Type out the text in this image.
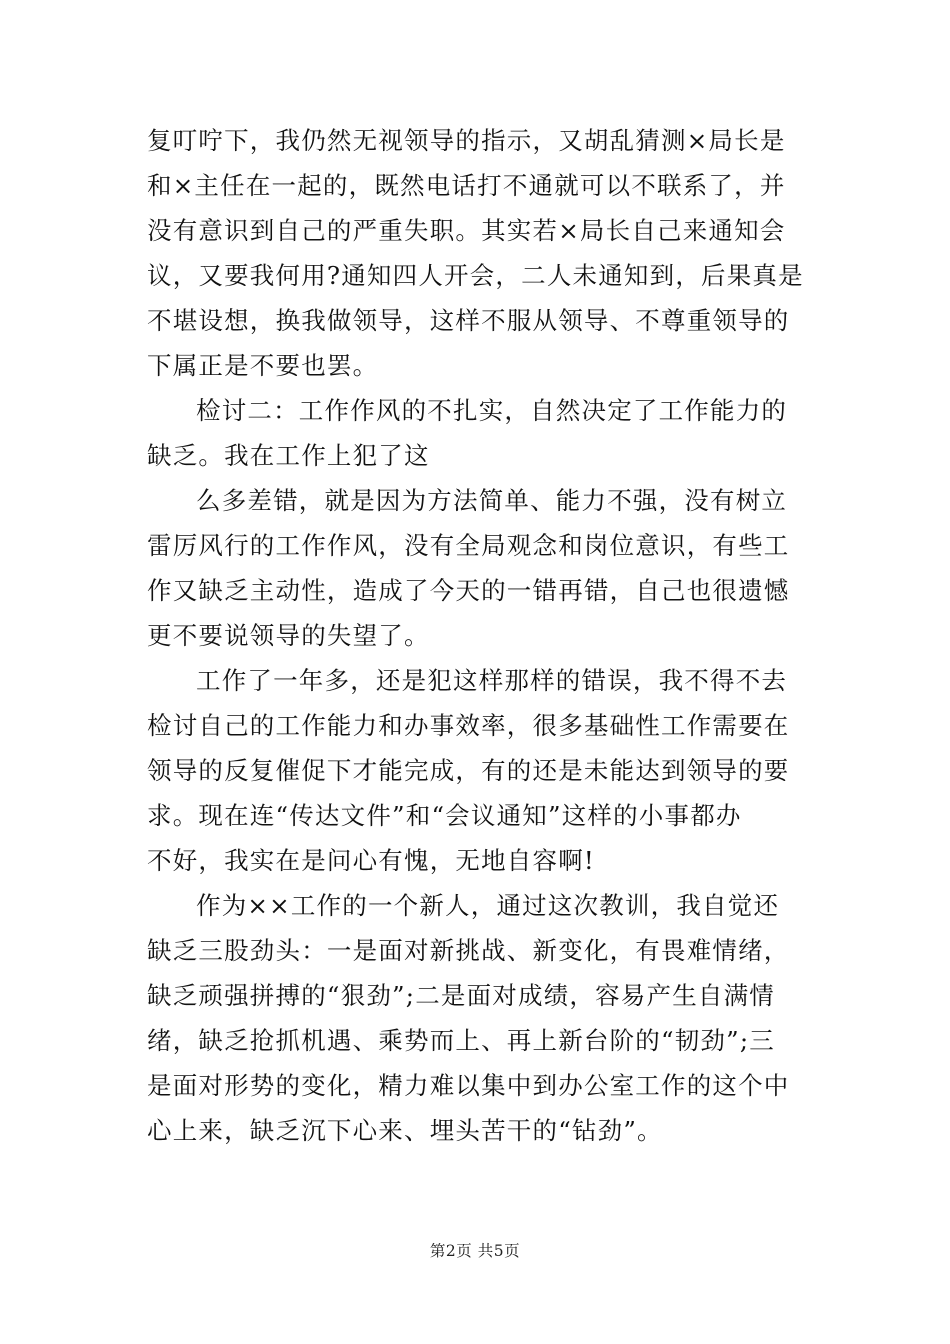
复叮咛下，我仍然无视领导的指示，又胡乱猜测×局长是

和×主任在一起的，既然电话打不通就可以不联系了，并

没有意识到自己的严重失职。其实若×局长自己来通知会

议，又要我何用?通知四人开会，二人未通知到，后果真是

不堪设想，换我做领导，这样不服从领导、不尊重领导的

下属正是不要也罢。

检讨二：工作作风的不扎实，自然决定了工作能力的

缺乏。我在工作上犯了这

么多差错，就是因为方法简单、能力不强，没有树立

雷厉风行的工作作风，没有全局观念和岗位意识，有些工

作又缺乏主动性，造成了今天的一错再错，自己也很遗憾

更不要说领导的失望了。

工作了一年多，还是犯这样那样的错误，我不得不去

检讨自己的工作能力和办事效率，很多基础性工作需要在

领导的反复催促下才能完成，有的还是未能达到领导的要

求。现在连“传达文件”和“会议通知”这样的小事都办

不好，我实在是问心有愧，无地自容啊!

作为××工作的一个新人，通过这次教训，我自觉还

缺乏三股劲头：一是面对新挑战、新变化，有畏难情绪，

缺乏顽强拼搏的“狠劲”;二是面对成绩，容易产生自满情

绪，缺乏抢抓机遇、乘势而上、再上新台阶的“韧劲”;三

是面对形势的变化，精力难以集中到办公室工作的这个中

心上来，缺乏沉下心来、埋头苦干的“钻劲”。

第2页 共5页
